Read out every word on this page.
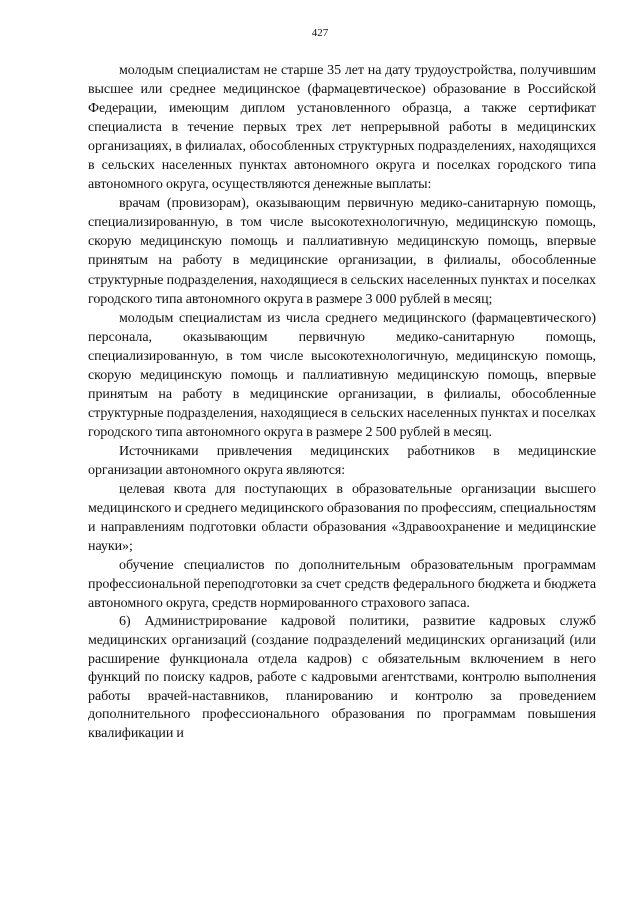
427

молодым специалистам не старше 35 лет на дату трудоустройства, получившим высшее или среднее медицинское (фармацевтическое) образование в Российской Федерации, имеющим диплом установленного образца, а также сертификат специалиста в течение первых трех лет непрерывной работы в медицинских организациях, в филиалах, обособленных структурных подразделениях, находящихся в сельских населенных пунктах автономного округа и поселках городского типа автономного округа, осуществляются денежные выплаты:

врачам (провизорам), оказывающим первичную медико-санитарную помощь, специализированную, в том числе высокотехнологичную, медицинскую помощь, скорую медицинскую помощь и паллиативную медицинскую помощь, впервые принятым на работу в медицинские организации, в филиалы, обособленные структурные подразделения, находящиеся в сельских населенных пунктах и поселках городского типа автономного округа в размере 3 000 рублей в месяц;

молодым специалистам из числа среднего медицинского (фармацевтического) персонала, оказывающим первичную медико-санитарную помощь, специализированную, в том числе высокотехнологичную, медицинскую помощь, скорую медицинскую помощь и паллиативную медицинскую помощь, впервые принятым на работу в медицинские организации, в филиалы, обособленные структурные подразделения, находящиеся в сельских населенных пунктах и поселках городского типа автономного округа в размере 2 500 рублей в месяц.

Источниками привлечения медицинских работников в медицинские организации автономного округа являются:

целевая квота для поступающих в образовательные организации высшего медицинского и среднего медицинского образования по профессиям, специальностям и направлениям подготовки области образования «Здравоохранение и медицинские науки»;

обучение специалистов по дополнительным образовательным программам профессиональной переподготовки за счет средств федерального бюджета и бюджета автономного округа, средств нормированного страхового запаса.

6) Администрирование кадровой политики, развитие кадровых служб медицинских организаций (создание подразделений медицинских организаций (или расширение функционала отдела кадров) с обязательным включением в него функций по поиску кадров, работе с кадровыми агентствами, контролю выполнения работы врачей-наставников, планированию и контролю за проведением дополнительного профессионального образования по программам повышения квалификации и
